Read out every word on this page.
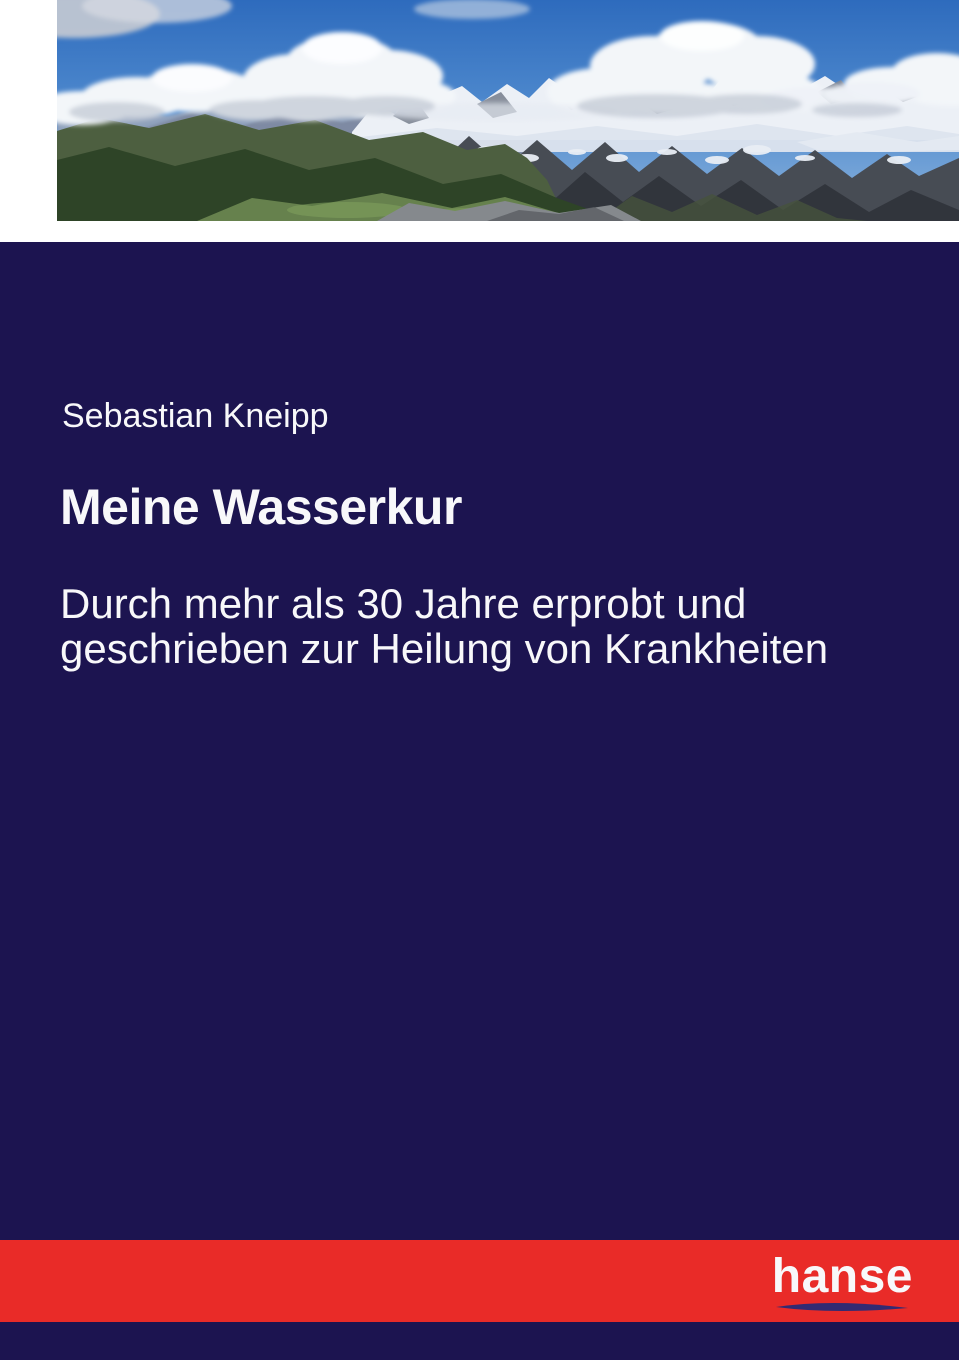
Sebastian Kneipp
Meine Wasserkur
Durch mehr als 30 Jahre erprobt und geschrieben zur Heilung von Krankheiten
hanse
